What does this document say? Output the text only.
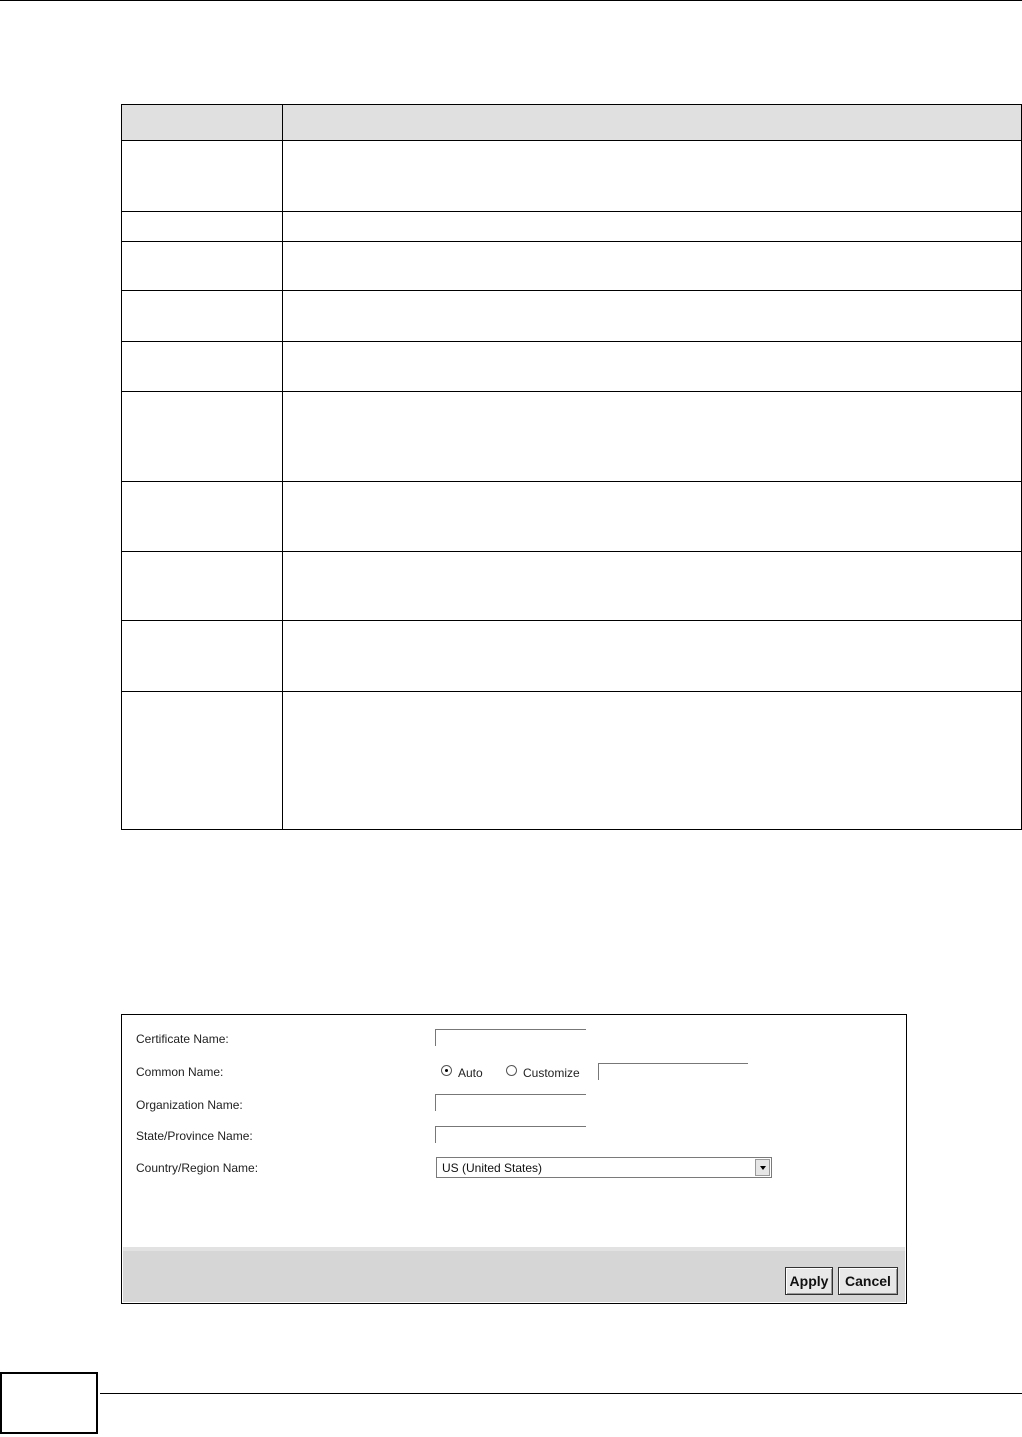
Certificate Name:
Common Name:	Auto	Customize
Organization Name:
State/Province Name:
Country/Region Name:	US (United States)
Apply	Cancel
